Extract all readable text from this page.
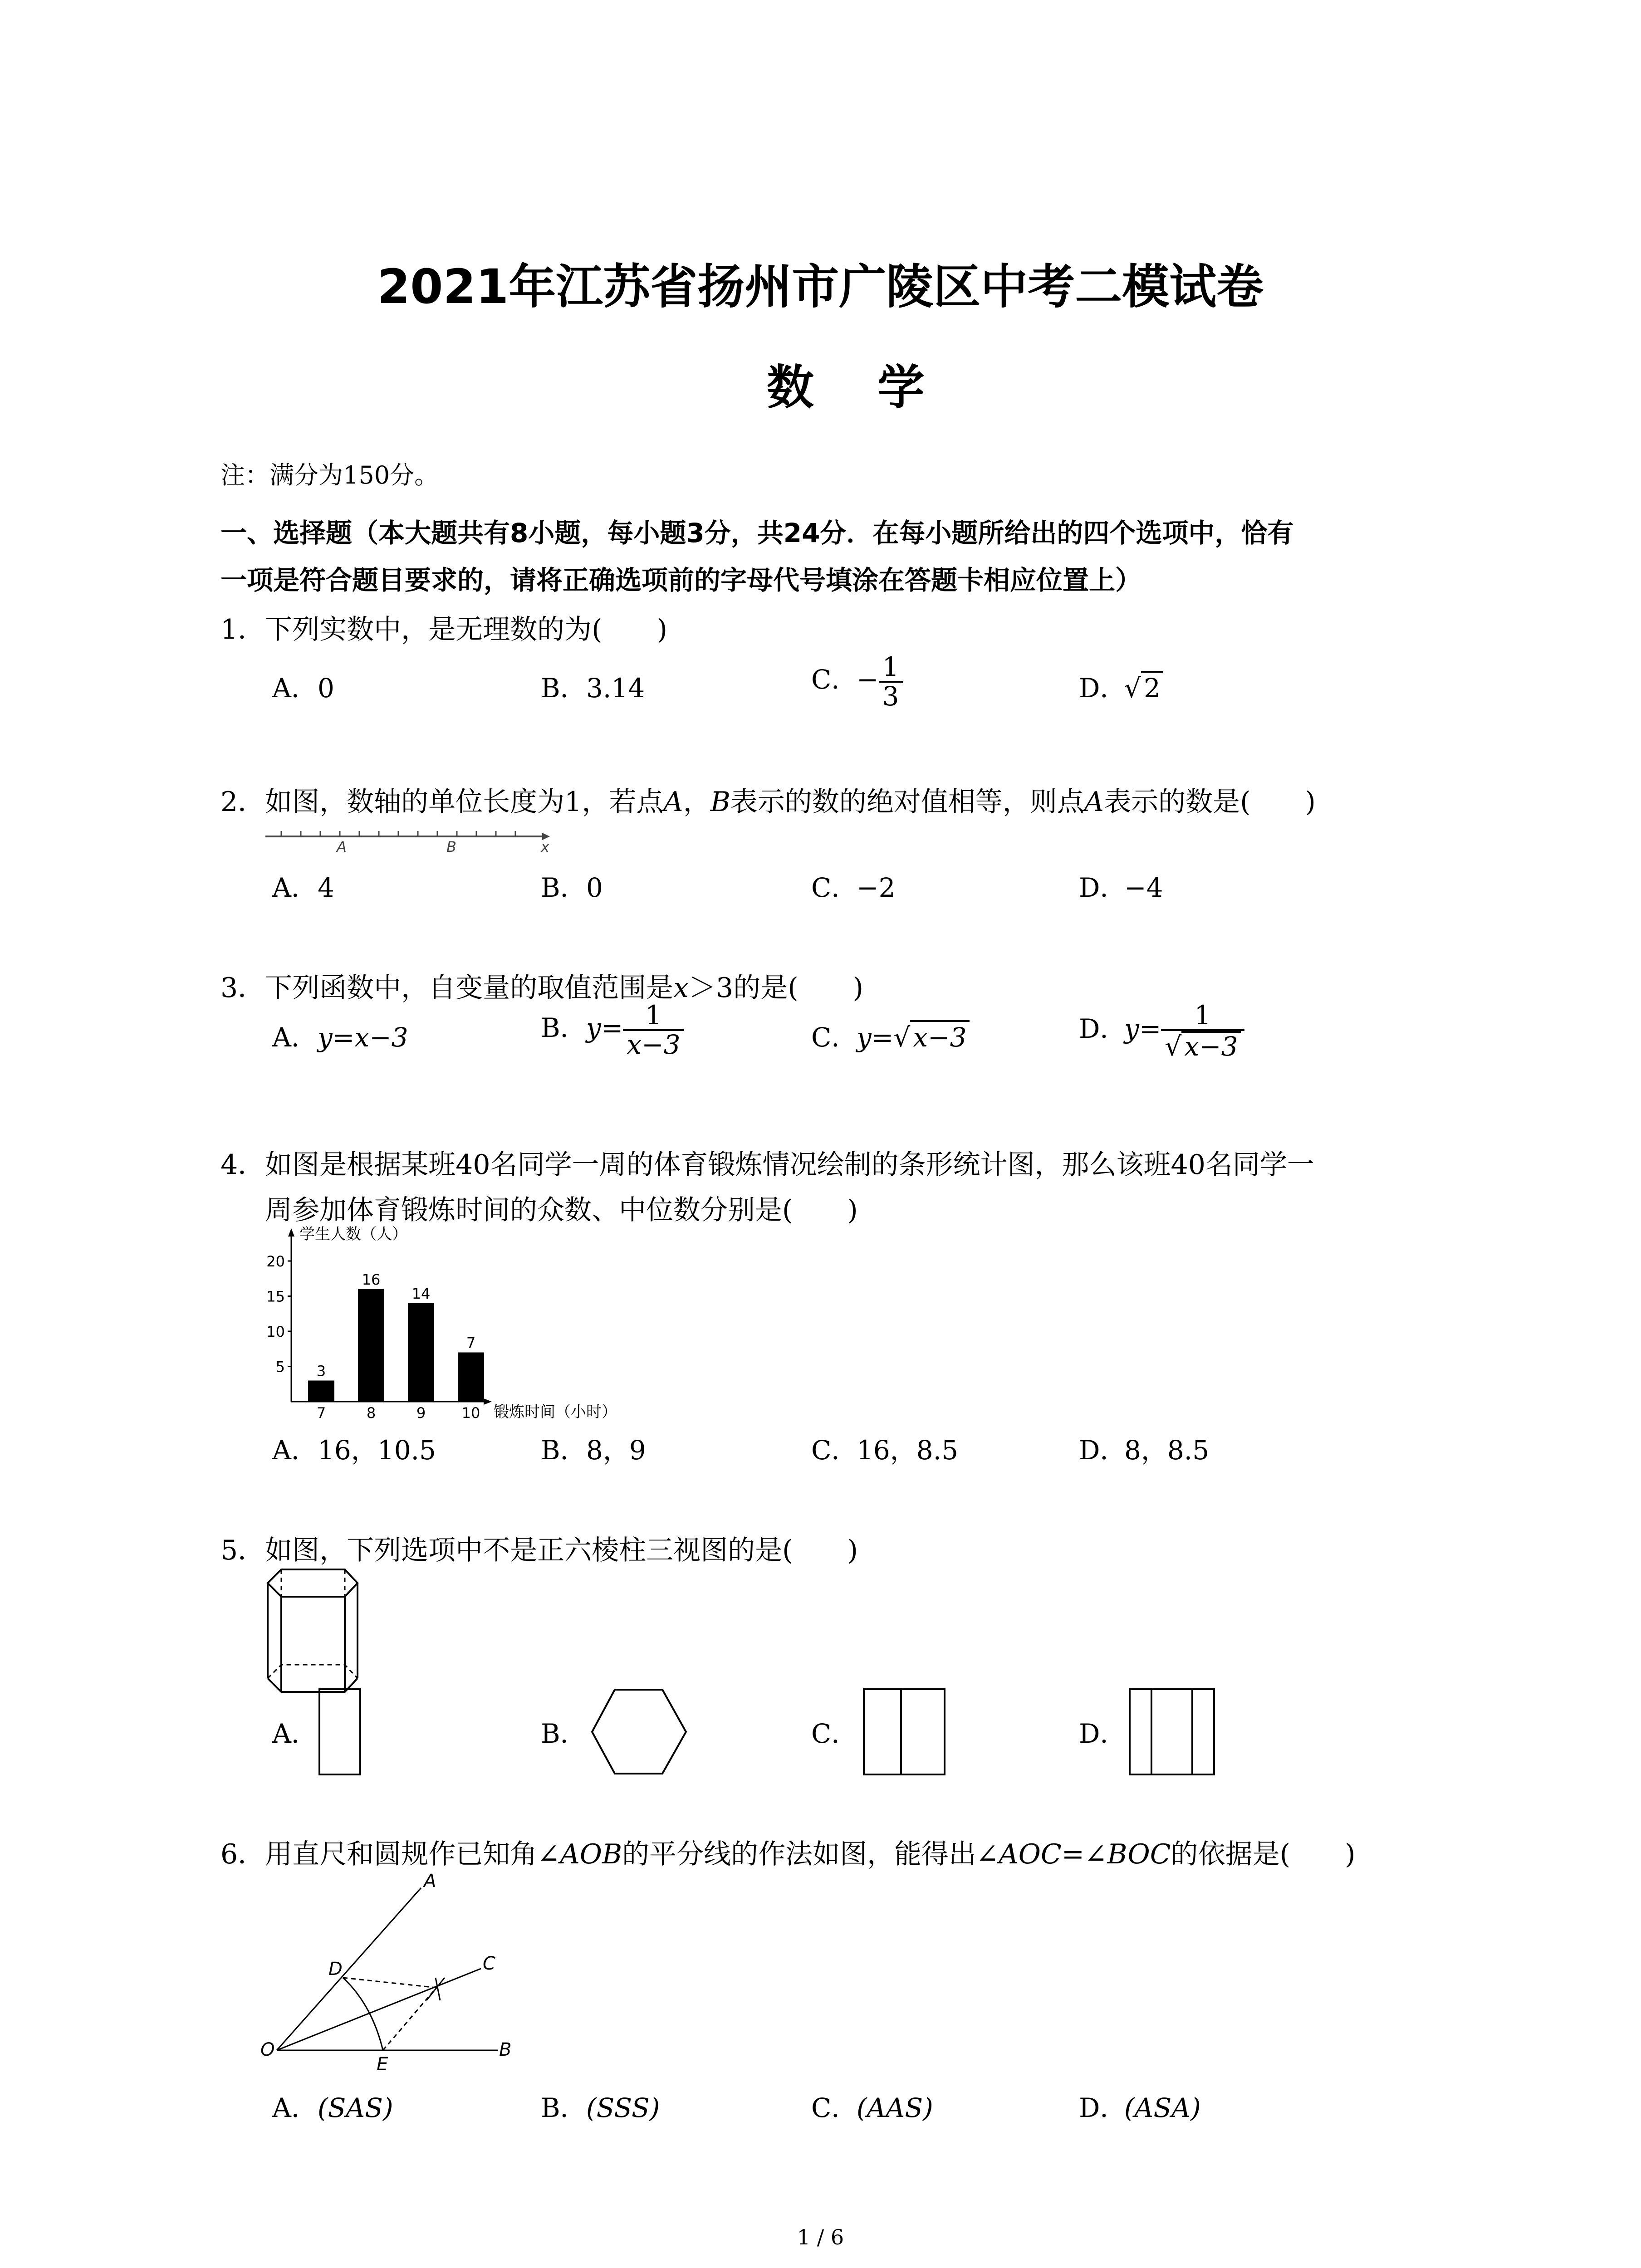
2021年江苏省扬州市广陵区中考二模试卷
数学
注：满分为150分。
一、选择题（本大题共有8小题，每小题3分，共24分．在每小题所给出的四个选项中，恰有
一项是符合题目要求的，请将正确选项前的字母代号填涂在答题卡相应位置上）
1．下列实数中，是无理数的为(　　)
A．0	B．3.14	C．− $\frac{1}{3}$	D．√ 2
2．如图，数轴的单位长度为1，若点A，B表示的数的绝对值相等，则点A表示的数是(　　)
A	B	x
A．4	B．0	C．−2	D．−4
3．下列函数中，自变量的取值范围是x＞3的是(　　)
A．y=x−3	B．$y= \frac{1}{x-3}$	C．y=√ x−3	D．$y= \frac{1}{√ x-3}$
4．如图是根据某班40名同学一周的体育锻炼情况绘制的条形统计图，那么该班40名同学一
周参加体育锻炼时间的众数、中位数分别是(　　)
学生人数（人）
锻炼时间（小时）
5
10
15
20
3
7
16
8
14
9
7
10
A．16，10.5	B．8，9	C．16，8.5	D．8，8.5
5．如图，下列选项中不是正六棱柱三视图的是(　　)
A．	B．	C．	D．
6．用直尺和圆规作已知角∠AOB的平分线的作法如图，能得出∠AOC=∠BOC的依据是(　　)
A
B
C
D
E
O
A．(SAS)	B．(SSS)	C．(AAS)	D．(ASA)
1 / 6
